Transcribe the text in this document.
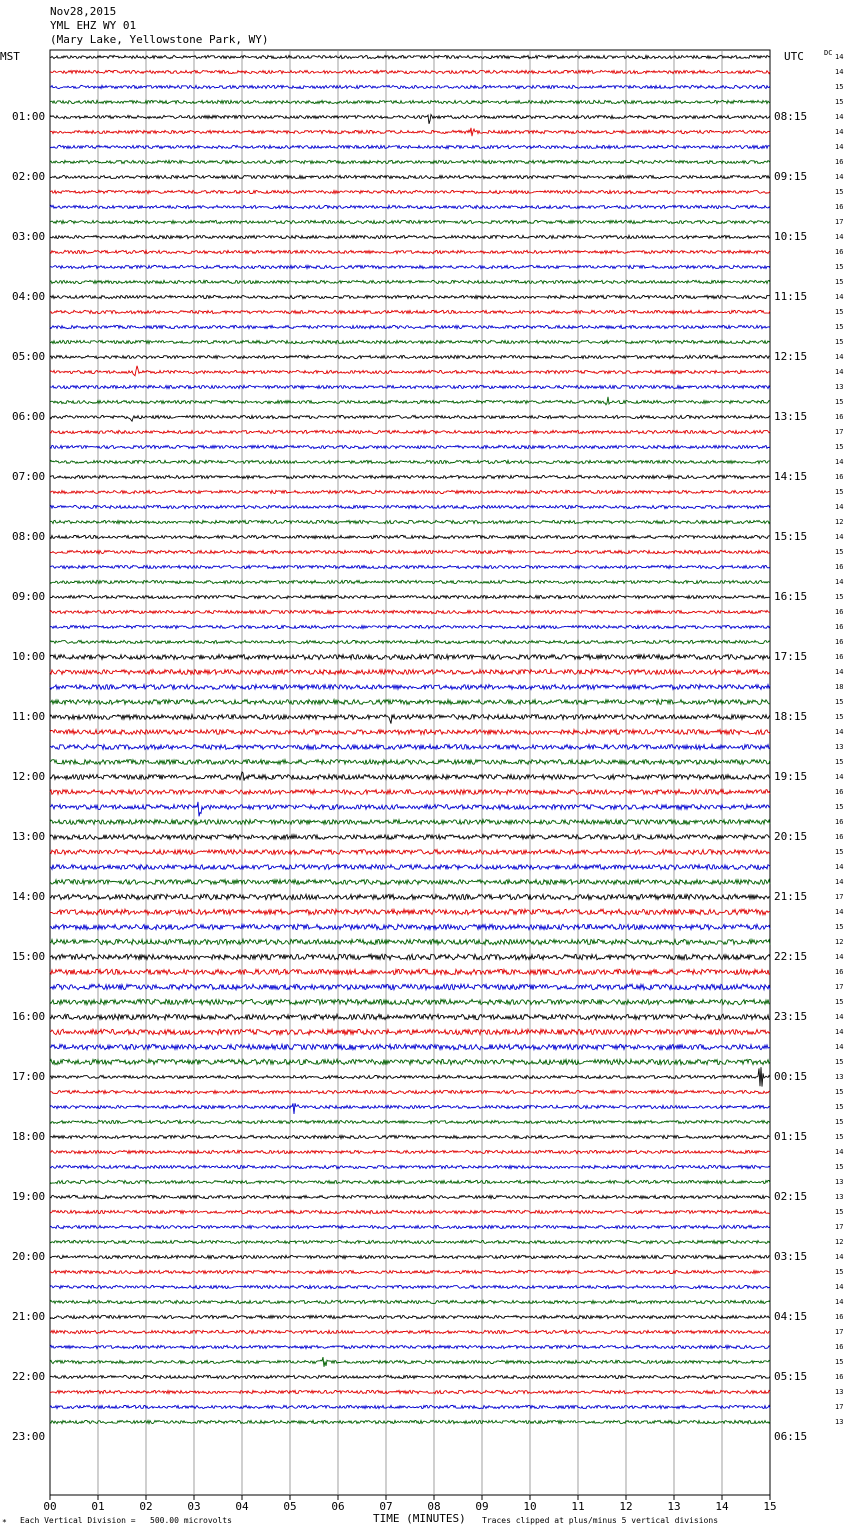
Nov28,2015
YML EHZ WY 01
(Mary Lake, Yellowstone Park, WY)
MST	UTC	DC
00	01	02	03	04	05	06	07	08	09	10	11	12	13	14	15
01:00
02:00
03:00
04:00
05:00
06:00
07:00
08:00
09:00
10:00
11:00
12:00
13:00
14:00
15:00
16:00
17:00
18:00
19:00
20:00
21:00
22:00
23:00
08:15
09:15
10:15
11:15
12:15
13:15
14:15
15:15
16:15
17:15
18:15
19:15
20:15
21:15
22:15
23:15
00:15
01:15
02:15
03:15
04:15
05:15
06:15
14
14
15
15
14
14
14
16
14
15
16
17
14
16
15
15
14
15
15
15
14
14
13
15
16
17
15
14
16
15
14
12
14
15
16
14
15
16
16
16
16
14
18
15
15
14
13
15
14
16
15
16
16
15
14
14
17
14
15
12
14
16
17
15
14
14
14
15
13
15
15
15
15
14
15
13
13
15
17
12
14
15
14
14
16
17
16
15
16
13
17
13
TIME (MINUTES)
* Each Vertical Division =   500.00 microvolts	Traces clipped at plus/minus 5 vertical divisions
